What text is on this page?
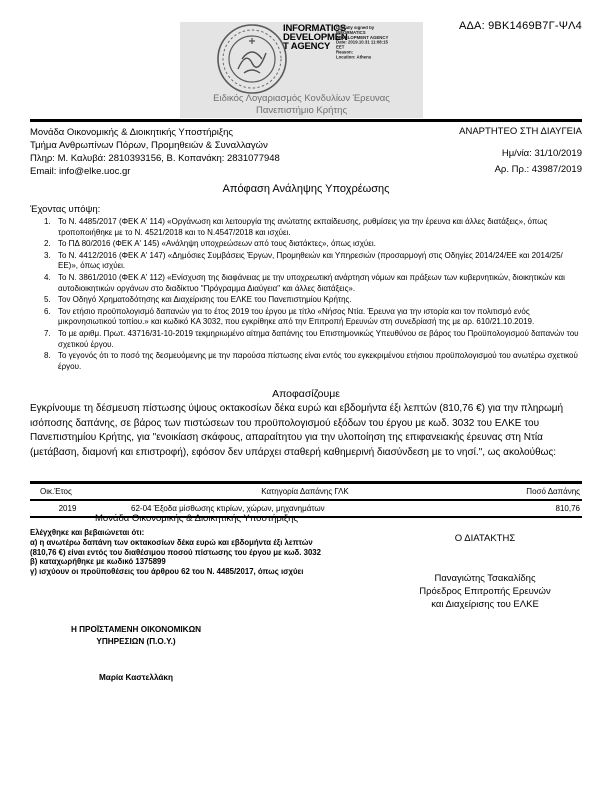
ΑΔΑ: 9ΒΚ1469Β7Γ-ΨΛ4
INFORMATICS
DEVELOPMEN
T AGENCY
Digitally signed by
INFORMATICS
DEVELOPMENT AGENCY
Date: 2019.10.31 11:08:15
EET
Reason:
Location: Athens
Ειδικός Λογαριασμός Κονδυλίων Έρευνας
Πανεπιστήμιο Κρήτης
Μονάδα Οικονομικής & Διοικητικής Υποστήριξης
Τμήμα Ανθρωπίνων Πόρων, Προμηθειών & Συναλλαγών
Πληρ: Μ. Καλυβά: 2810393156, Β. Κοπανάκη: 2831077948
Email: info@elke.uoc.gr
ΑΝΑΡΤΗΤΕΟ ΣΤΗ ΔΙΑΥΓΕΙΑ
Ημ/νία: 31/10/2019
Αρ. Πρ.: 43987/2019
Απόφαση Ανάληψης Υποχρέωσης
Έχοντας υπόψη:
1. Το Ν. 4485/2017 (ΦΕΚ Α' 114) «Οργάνωση και λειτουργία της ανώτατης εκπαίδευσης, ρυθμίσεις για την έρευνα και άλλες διατάξεις», όπως τροποποιήθηκε με το Ν. 4521/2018 και το Ν.4547/2018 και ισχύει.
2. Το ΠΔ 80/2016 (ΦΕΚ Α' 145) «Ανάληψη υποχρεώσεων από τους διατάκτες», όπως ισχύει.
3. Το Ν. 4412/2016 (ΦΕΚ Α' 147) «Δημόσιες Συμβάσεις Έργων, Προμηθειών και Υπηρεσιών (προσαρμογή στις Οδηγίες 2014/24/ΕΕ και 2014/25/ΕΕ)», όπως ισχύει.
4. Το Ν. 3861/2010 (ΦΕΚ Α' 112) «Ενίσχυση της διαφάνειας με την υποχρεωτική ανάρτηση νόμων και πράξεων των κυβερνητικών, διοικητικών και αυτοδιοικητικών οργάνων στο διαδίκτυο "Πρόγραμμα Διαύγεια" και άλλες διατάξεις».
5. Τον Οδηγό Χρηματοδότησης και Διαχείρισης του ΕΛΚΕ του Πανεπιστημίου Κρήτης.
6. Τον ετήσιο προϋπολογισμό δαπανών για το έτος 2019 του έργου με τίτλο «Νήσος Ντία. Έρευνα για την ιστορία και τον πολιτισμό ενός μικρονησιωτικού τοπίου.» και κωδικό ΚΑ 3032, που εγκρίθηκε από την Επιτροπή Ερευνών στη συνεδρίασή της με αρ. 610/21.10.2019.
7. Το με αριθμ. Πρωτ. 43716/31-10-2019 τεκμηριωμένο αίτημα δαπάνης του Επιστημονικώς Υπευθύνου σε βάρος του Προϋπολογισμού δαπανών του σχετικού έργου.
8. Το γεγονός ότι το ποσό της δεσμευόμενης με την παρούσα πίστωσης είναι εντός του εγκεκριμένου ετήσιου προϋπολογισμού του ανωτέρω σχετικού έργου.
Αποφασίζουμε
Εγκρίνουμε τη δέσμευση πίστωσης ύψους οκτακοσίων δέκα ευρώ και εβδομήντα έξι λεπτών (810,76 €) για την πληρωμή ισόποσης δαπάνης, σε βάρος των πιστώσεων του προϋπολογισμού εξόδων του έργου με κωδ. 3032 του ΕΛΚΕ του Πανεπιστημίου Κρήτης, για "ενοικίαση σκάφους, απαραίτητου για την υλοποίηση της επιφανειακής έρευνας στη Ντία (μετάβαση, διαμονή και επιστροφή), εφόσον δεν υπάρχει σταθερή καθημερινή διασύνδεση με το νησί.", ως ακολούθως:
Οικ.Έτος	Κατηγορία Δαπάνης ΓΛΚ	Ποσό Δαπάνης
2019	62-04 Έξοδα μίσθωσης κτιρίων, χώρων, μηχανημάτων	810,76
Μονάδα Οικονομικής & Διοικητικής Υποστήριξης
Ελέγχθηκε και βεβαιώνεται ότι:
α) η ανωτέρω δαπάνη των οκτακοσίων δέκα ευρώ και εβδομήντα έξι λεπτών (810,76 €) είναι εντός του διαθέσιμου ποσού πίστωσης του έργου με κωδ. 3032
β) καταχωρήθηκε με κωδικό 1375899
γ) ισχύουν οι προϋποθέσεις του άρθρου 62 του Ν. 4485/2017, όπως ισχύει
Ο ΔΙΑΤΑΚΤΗΣ
Παναγιώτης Τσακαλίδης
Πρόεδρος Επιτροπής Ερευνών
και Διαχείρισης του ΕΛΚΕ
Η ΠΡΟΪΣΤΑΜΕΝΗ ΟΙΚΟΝΟΜΙΚΩΝ
ΥΠΗΡΕΣΙΩΝ (Π.Ο.Υ.)
Μαρία Καστελλάκη
